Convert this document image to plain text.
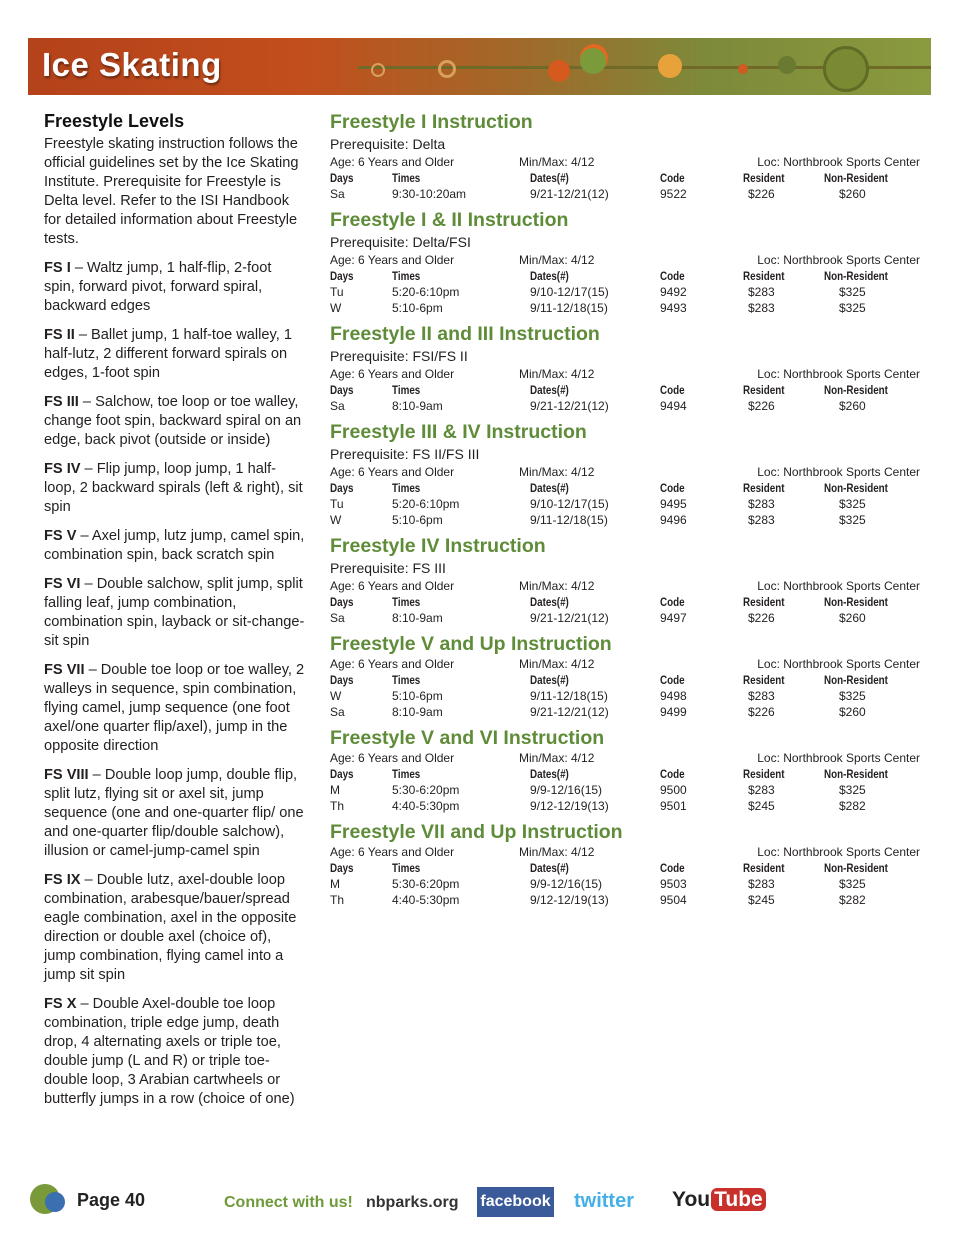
Ice Skating
Freestyle Levels

Freestyle skating instruction follows the official guidelines set by the Ice Skating Institute. Prerequisite for Freestyle is Delta level. Refer to the ISI Handbook for detailed information about Freestyle tests.

FS I – Waltz jump, 1 half-flip, 2-foot spin, forward pivot, forward spiral, backward edges

FS II – Ballet jump, 1 half-toe walley, 1 half-lutz, 2 different forward spirals on edges, 1-foot spin

FS III – Salchow, toe loop or toe walley, change foot spin, backward spiral on an edge, back pivot (outside or inside)

FS IV – Flip jump, loop jump, 1 half-loop, 2 backward spirals (left & right), sit spin

FS V – Axel jump, lutz jump, camel spin, combination spin, back scratch spin

FS VI – Double salchow, split jump, split falling leaf, jump combination, combination spin, layback or sit-change-sit spin

FS VII – Double toe loop or toe walley, 2 walleys in sequence, spin combination, flying camel, jump sequence (one foot axel/one quarter flip/axel), jump in the opposite direction

FS VIII – Double loop jump, double flip, split lutz, flying sit or axel sit, jump sequence (one and one-quarter flip/ one and one-quarter flip/double salchow), illusion or camel-jump-camel spin

FS IX – Double lutz, axel-double loop combination, arabesque/bauer/spread eagle combination, axel in the opposite direction or double axel (choice of), jump combination, flying camel into a jump sit spin

FS X – Double Axel-double toe loop combination, triple edge jump, death drop, 4 alternating axels or triple toe, double jump (L and R) or triple toe-double loop, 3 Arabian cartwheels or butterfly jumps in a row (choice of one)

Freestyle I Instruction
Prerequisite: Delta
Age: 6 Years and Older	Min/Max: 4/12	Loc: Northbrook Sports Center
Days	Times	Dates(#)	Code	Resident	Non-Resident
Sa	9:30-10:20am	9/21-12/21(12)	9522	$226	$260
Freestyle I & II Instruction
Prerequisite: Delta/FSI
Age: 6 Years and Older	Min/Max: 4/12	Loc: Northbrook Sports Center
Days	Times	Dates(#)	Code	Resident	Non-Resident
Tu	5:20-6:10pm	9/10-12/17(15)	9492	$283	$325
W	5:10-6pm	9/11-12/18(15)	9493	$283	$325
Freestyle II and III Instruction
Prerequisite: FSI/FS II
Age: 6 Years and Older	Min/Max: 4/12	Loc: Northbrook Sports Center
Days	Times	Dates(#)	Code	Resident	Non-Resident
Sa	8:10-9am	9/21-12/21(12)	9494	$226	$260
Freestyle III & IV Instruction
Prerequisite: FS II/FS III
Age: 6 Years and Older	Min/Max: 4/12	Loc: Northbrook Sports Center
Days	Times	Dates(#)	Code	Resident	Non-Resident
Tu	5:20-6:10pm	9/10-12/17(15)	9495	$283	$325
W	5:10-6pm	9/11-12/18(15)	9496	$283	$325
Freestyle IV Instruction
Prerequisite: FS III
Age: 6 Years and Older	Min/Max: 4/12	Loc: Northbrook Sports Center
Days	Times	Dates(#)	Code	Resident	Non-Resident
Sa	8:10-9am	9/21-12/21(12)	9497	$226	$260
Freestyle V and Up Instruction
Age: 6 Years and Older	Min/Max: 4/12	Loc: Northbrook Sports Center
Days	Times	Dates(#)	Code	Resident	Non-Resident
W	5:10-6pm	9/11-12/18(15)	9498	$283	$325
Sa	8:10-9am	9/21-12/21(12)	9499	$226	$260
Freestyle V and VI Instruction
Age: 6 Years and Older	Min/Max: 4/12	Loc: Northbrook Sports Center
Days	Times	Dates(#)	Code	Resident	Non-Resident
M	5:30-6:20pm	9/9-12/16(15)	9500	$283	$325
Th	4:40-5:30pm	9/12-12/19(13)	9501	$245	$282
Freestyle VII and Up Instruction
Age: 6 Years and Older	Min/Max: 4/12	Loc: Northbrook Sports Center
Days	Times	Dates(#)	Code	Resident	Non-Resident
M	5:30-6:20pm	9/9-12/16(15)	9503	$283	$325
Th	4:40-5:30pm	9/12-12/19(13)	9504	$245	$282
Page 40	Connect with us! nbparks.org facebook twitter You Tube
